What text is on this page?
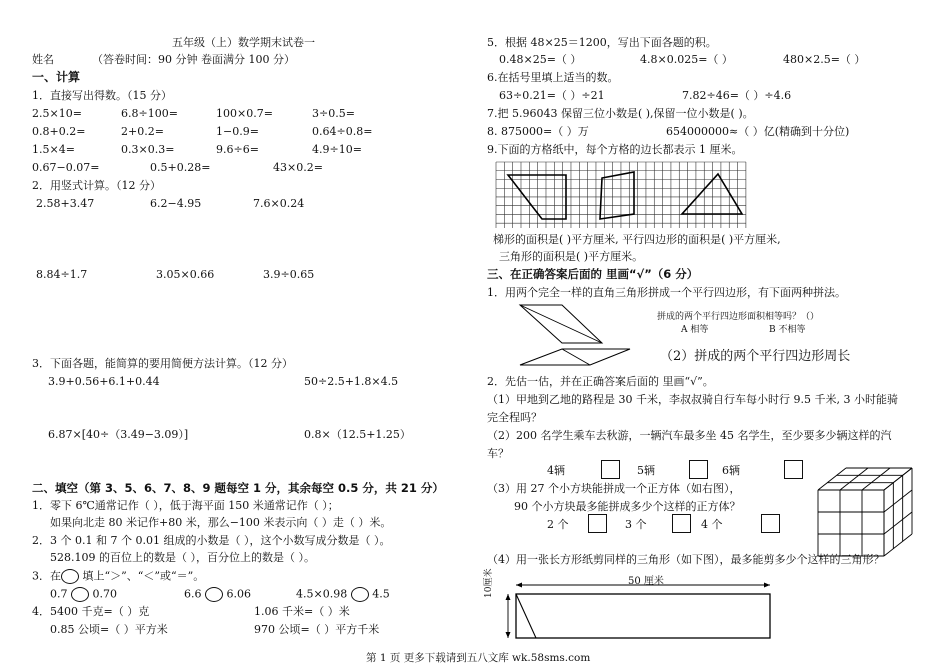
五年级（上）数学期末试卷一
姓名	（答卷时间：90 分钟 卷面满分 100 分）
一、计算
1．直接写出得数。（15 分）
2.5×10=	6.8÷100=	100×0.7=	3÷0.5=
0.8+0.2=	2+0.2=	1−0.9=	0.64÷0.8=
1.5×4=	0.3×0.3=	9.6÷6=	4.9÷10=
0.67−0.07=	0.5+0.28=	43×0.2=
2．用竖式计算。（12 分）
2.58+3.47	6.2−4.95	7.6×0.24
8.84÷1.7	3.05×0.66	3.9÷0.65
3．下面各题，能简算的要用简便方法计算。（12 分）
3.9+0.56+6.1+0.44	50÷2.5+1.8×4.5
6.87×[40÷（3.49−3.09）]	0.8×（12.5+1.25）
二、填空（第 3、5、6、7、8、9 题每空 1 分，其余每空 0.5 分，共 21 分）
1．零下 6℃通常记作（ ），低于海平面 150 米通常记作（ ）；
如果向北走 80 米记作+80 米，那么−100 米表示向（ ）走（ ）米。
2．3 个 0.1 和 7 个 0.01 组成的小数是（ ），这个小数写成分数是（ ）。
528.109 的百位上的数是（ ），百分位上的数是（ ）。
3．在 填上“＞”、“＜”或“＝”。
0.7 0.70	6.6 6.06	4.5×0.98 4.5
4．5400 千克=（ ）克	1.06 千米=（ ）米
0.85 公顷=（ ）平方米	970 公顷=（ ）平方千米
5．根据 48×25＝1200，写出下面各题的积。
0.48×25=（ ）	4.8×0.025=（ ）	480×2.5=（ ）
6.在括号里填上适当的数。
63÷0.21=（ ）÷21	7.82÷46=（ ）÷4.6
7.把 5.96043 保留三位小数是( ),保留一位小数是( )。
8. 875000=（ ）万	654000000≈（ ）亿(精确到十分位)
9.下面的方格纸中，每个方格的边长都表示 1 厘米。
梯形的面积是( )平方厘米, 平行四边形的面积是( )平方厘米,
三角形的面积是( )平方厘米。
三、在正确答案后面的 里画“√”（6 分）
1．用两个完全一样的直角三角形拼成一个平行四边形，有下面两种拼法。
拼成的两个平行四边形面积相等吗？（）
A 相等	B 不相等
（2）拼成的两个平行四边形周长
2．先估一估，并在正确答案后面的 里画“√”。
（1）甲地到乙地的路程是 30 千米，李叔叔骑自行车每小时行 9.5 千米, 3 小时能骑
完全程吗？
（2）200 名学生乘车去秋游，一辆汽车最多坐 45 名学生，至少要多少辆这样的汽
车？
4辆	5辆	6辆
（3）用 27 个小方块能拼成一个正方体（如右图），
90 个小方块最多能拼成多少个这样的正方体？
2 个	3 个	4 个
（4）用一张长方形纸剪同样的三角形（如下图），最多能剪多少个这样的三角形？
50 厘米
10厘米
第 1 页 更多下载请到五八文库 wk.58sms.com
